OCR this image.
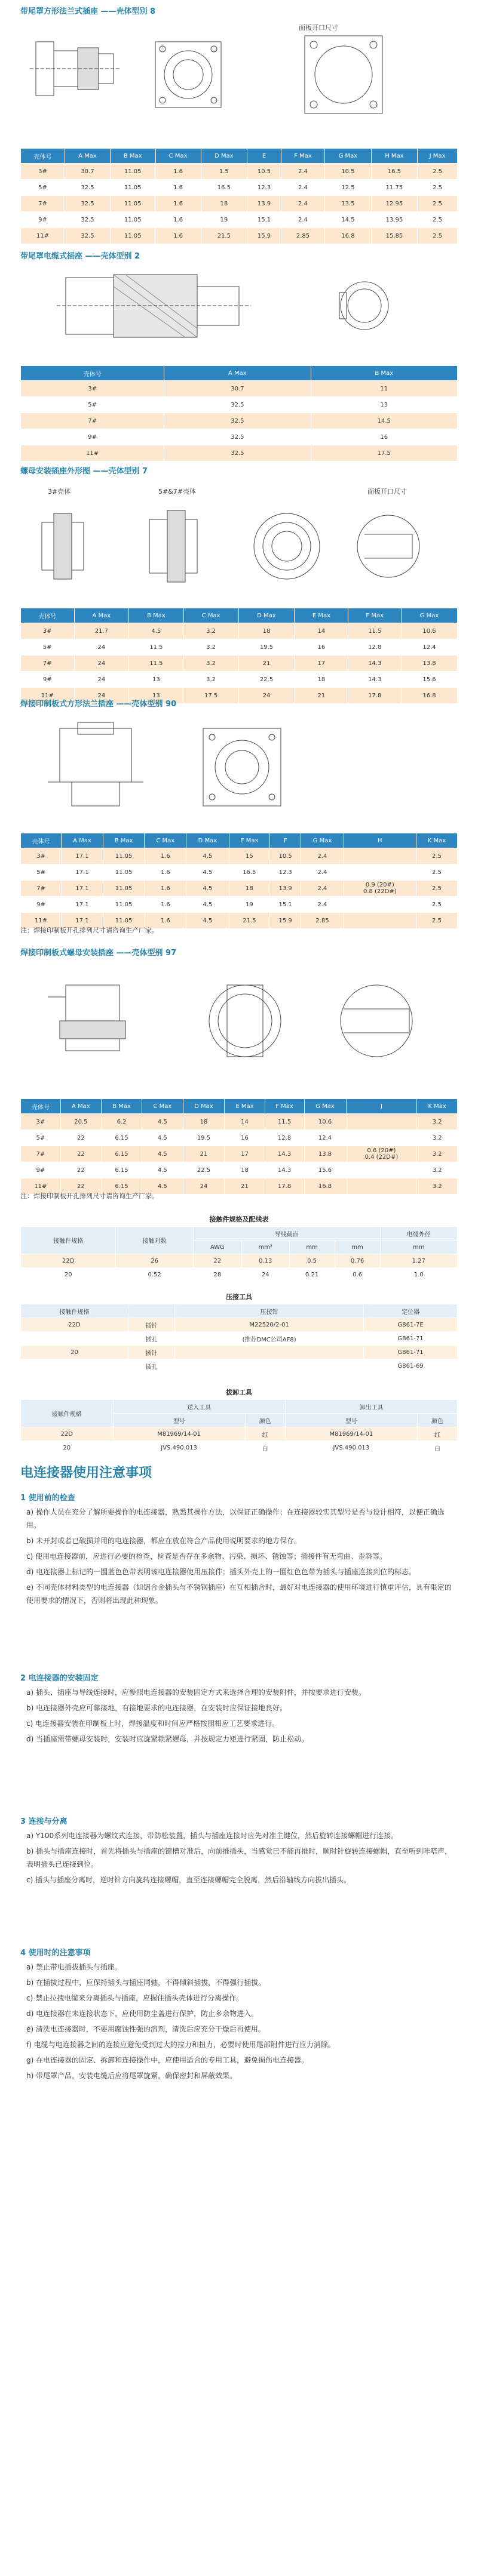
带尾罩方形法兰式插座 ——壳体型别 8
面板开口尺寸
壳体号	A Max	B Max	C Max	D Max	E	F Max	G Max	H Max	J Max
3#	30.7	11.05	1.6	1.5	10.5	2.4	10.5	16.5	2.5
5#	32.5	11.05	1.6	16.5	12.3	2.4	12.5	11.75	2.5
7#	32.5	11.05	1.6	18	13.9	2.4	13.5	12.95	2.5
9#	32.5	11.05	1.6	19	15.1	2.4	14.5	13.95	2.5
11#	32.5	11.05	1.6	21.5	15.9	2.85	16.8	15.85	2.5
带尾罩电缆式插座 ——壳体型别 2
壳体号	A Max	B Max
3#	30.7	11
5#	32.5	13
7#	32.5	14.5
9#	32.5	16
11#	32.5	17.5
螺母安装插座外形图 ——壳体型别 7
3#壳体	5#&7#壳体	面板开口尺寸
壳体号	A Max	B Max	C Max	D Max	E Max	F Max	G Max
3#	21.7	4.5	3.2	18	14	11.5	10.6
5#	24	11.5	3.2	19.5	16	12.8	12.4
7#	24	11.5	3.2	21	17	14.3	13.8
9#	24	13	3.2	22.5	18	14.3	15.6
11#	24	13	17.5	24	21	17.8	16.8
焊接印制板式方形法兰插座 ——壳体型别 90
壳体号	A Max	B Max	C Max	D Max	E Max	F	G Max	H	K Max
3#	17.1	11.05	1.6	4.5	15	10.5	2.4		2.5
5#	17.1	11.05	1.6	4.5	16.5	12.3	2.4		2.5
7#	17.1	11.05	1.6	4.5	18	13.9	2.4	0.9 (20#)
0.8 (22D#)	2.5
9#	17.1	11.05	1.6	4.5	19	15.1	2.4		2.5
11#	17.1	11.05	1.6	4.5	21.5	15.9	2.85		2.5
注：焊接印制板开孔排列尺寸请咨询生产厂家。
焊接印制板式螺母安装插座 ——壳体型别 97
壳体号	A Max	B Max	C Max	D Max	E Max	F Max	G Max	J	K Max
3#	20.5	6.2	4.5	18	14	11.5	10.6		3.2
5#	22	6.15	4.5	19.5	16	12.8	12.4		3.2
7#	22	6.15	4.5	21	17	14.3	13.8	0.6 (20#)
0.4 (22D#)	3.2
9#	22	6.15	4.5	22.5	18	14.3	15.6		3.2
11#	22	6.15	4.5	24	21	17.8	16.8		3.2
注：焊接印制板开孔排列尺寸请咨询生产厂家。
接触件规格及配线表
接触件规格	接触对数	导线截面				电缆外径
		AWG	mm²	mm	mm	mm
22D	26	22	0.13	0.5	0.76	1.27
20	0.52	28	24	0.21	0.6	1.0
压接工具
接触件规格		压接钳	定位器
22D	插针	M22520/2-01	G861-7E
	插孔	(推荐DMC公司AF8)	G861-71
20	插针		G861-71
	插孔		G861-69
拔卸工具
接触件规格	送入工具		卸出工具	
	型号	颜色	型号	颜色
22D	M81969/14-01	红	M81969/14-01	红
20	JVS.490.013	白	JVS.490.013	白
电连接器使用注意事项
1 使用前的检查
a) 操作人员在充分了解所要操作的电连接器，熟悉其操作方法，以保证正确操作；在连接器较实其型号是否与设计相符，以便正确选用。
b) 未开封或者已破损并用的电连接器，都应在放在符合产品使用说明要求的地方保存。
c) 使用电连接器前，应进行必要的检查，检查是否存在多余物、污染、损坏、锈蚀等；插接件有无弯曲、歪斜等。
d) 电连接器上标记的一圈蓝色色带表明该电连接器使用压接件；插头外壳上的一圈红色色带为插头与插座连接到位的标志。
e) 不同壳体材料类型的电连接器（如铝合金插头与不锈钢插座）在互相插合时，最好对电连接器的使用环境进行慎重评估，具有限定的使用要求的情况下，否则将出现此种现象。
2 电连接器的安装固定
a) 插头、插座与导线连接时，应参照电连接器的安装固定方式来选择合理的安装附件，并按要求进行安装。
b) 电连接器外壳应可靠接地，有接地要求的电连接器，在安装时应保证接地良好。
c) 电连接器安装在印制板上时，焊接温度和时间应严格按照相应工艺要求进行。
d) 当插座需带螺母安装时，安装时应旋紧锁紧螺母，并按规定力矩进行紧固，防止松动。
3 连接与分离
a) Y100系列电连接器为螺纹式连接，带防松装置，插头与插座连接时应先对准主键位，然后旋转连接螺帽进行连接。
b) 插头与插座连接时，首先将插头与插座的键槽对准后，向前推插头，当感觉已不能再推时，顺时针旋转连接螺帽，直至听到咔嗒声，表明插头已连接到位。
c) 插头与插座分离时，逆时针方向旋转连接螺帽，直至连接螺帽完全脱离，然后沿轴线方向拔出插头。
4 使用时的注意事项
a) 禁止带电插拔插头与插座。
b) 在插拔过程中，应保持插头与插座同轴，不得倾斜插拔，不得强行插拔。
c) 禁止拉拽电缆来分离插头与插座，应握住插头壳体进行分离操作。
d) 电连接器在未连接状态下，应使用防尘盖进行保护，防止多余物进入。
e) 清洗电连接器时，不要用腐蚀性强的溶剂，清洗后应充分干燥后再使用。
f) 电缆与电连接器之间的连接应避免受到过大的拉力和扭力，必要时使用尾部附件进行应力消除。
g) 在电连接器的固定、拆卸和连接操作中，应使用适合的专用工具，避免损伤电连接器。
h) 带尾罩产品，安装电缆后应将尾罩旋紧，确保密封和屏蔽效果。
